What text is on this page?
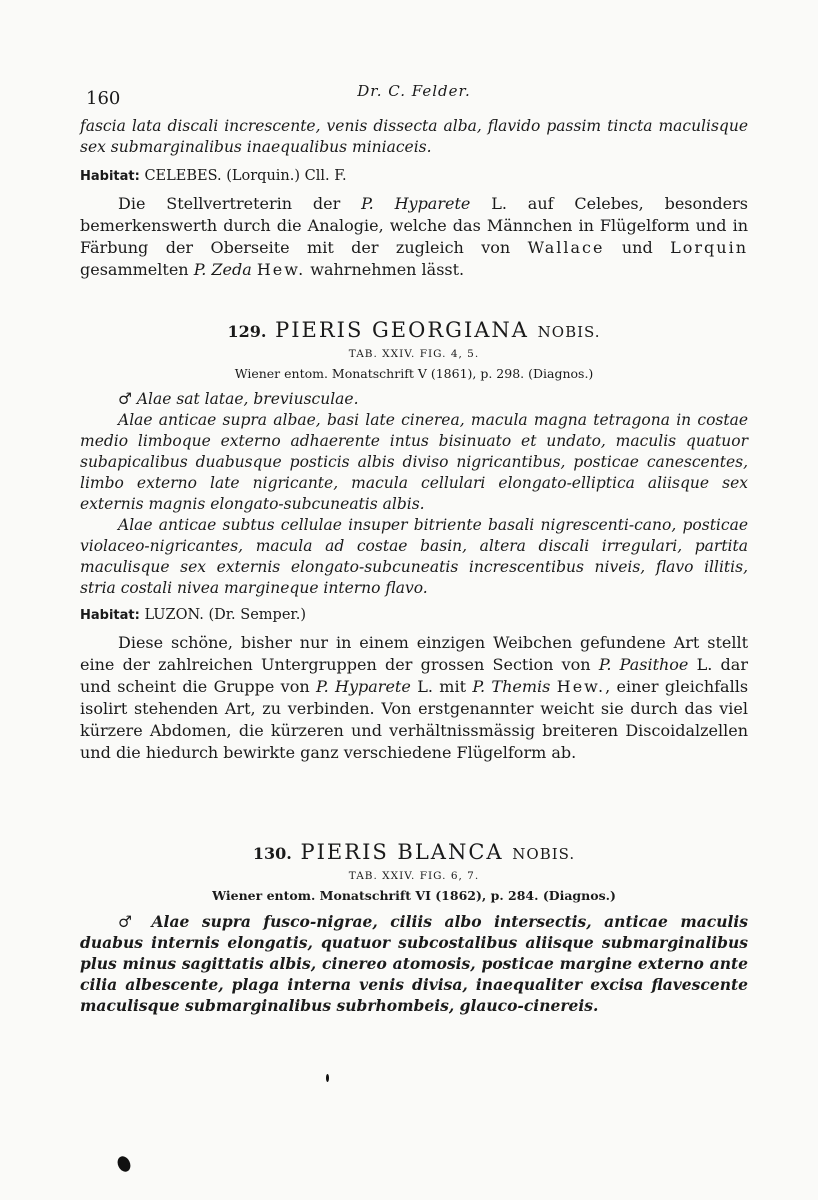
160	Dr. C. Felder.

fascia lata discali increscente, venis dissecta alba, flavido passim tincta maculisque sex submarginalibus inaequalibus miniaceis.

Habitat: CELEBES. (Lorquin.) Cll. F.

Die Stellvertreterin der P. Hyparete L. auf Celebes, besonders bemerkenswerth durch die Analogie, welche das Männchen in Flügelform und in Färbung der Oberseite mit der zugleich von Wallace und Lorquin gesammelten P. Zeda Hew. wahrnehmen lässt.

129. PIERIS GEORGIANA NOBIS.
TAB. XXIV. FIG. 4, 5.
Wiener entom. Monatschrift V (1861), p. 298. (Diagnos.)

♂ Alae sat latae, breviusculae.

Alae anticae supra albae, basi late cinerea, macula magna tetragona in costae medio limboque externo adhaerente intus bisinuato et undato, maculis quatuor subapicalibus duabusque posticis albis diviso nigricantibus, posticae canescentes, limbo externo late nigricante, macula cellulari elongato-elliptica aliisque sex externis magnis elongato-subcuneatis albis.

Alae anticae subtus cellulae insuper bitriente basali nigrescenti-cano, posticae violaceo-nigricantes, macula ad costae basin, altera discali irregulari, partita maculisque sex externis elongato-subcuneatis increscentibus niveis, flavo illitis, stria costali nivea margineque interno flavo.

Habitat: LUZON. (Dr. Semper.)

Diese schöne, bisher nur in einem einzigen Weibchen gefundene Art stellt eine der zahlreichen Untergruppen der grossen Section von P. Pasithoe L. dar und scheint die Gruppe von P. Hyparete L. mit P. Themis Hew., einer gleichfalls isolirt stehenden Art, zu verbinden. Von erstgenannter weicht sie durch das viel kürzere Abdomen, die kürzeren und verhältnissmässig breiteren Discoidalzellen und die hiedurch bewirkte ganz verschiedene Flügelform ab.

130. PIERIS BLANCA NOBIS.
TAB. XXIV. FIG. 6, 7.
Wiener entom. Monatschrift VI (1862), p. 284. (Diagnos.)

♂ Alae supra fusco-nigrae, ciliis albo intersectis, anticae maculis duabus internis elongatis, quatuor subcostalibus aliisque submarginalibus plus minus sagittatis albis, cinereo atomosis, posticae margine externo ante cilia albescente, plaga interna venis divisa, inaequaliter excisa flavescente maculisque submarginalibus subrhombeis, glauco-cinereis.
